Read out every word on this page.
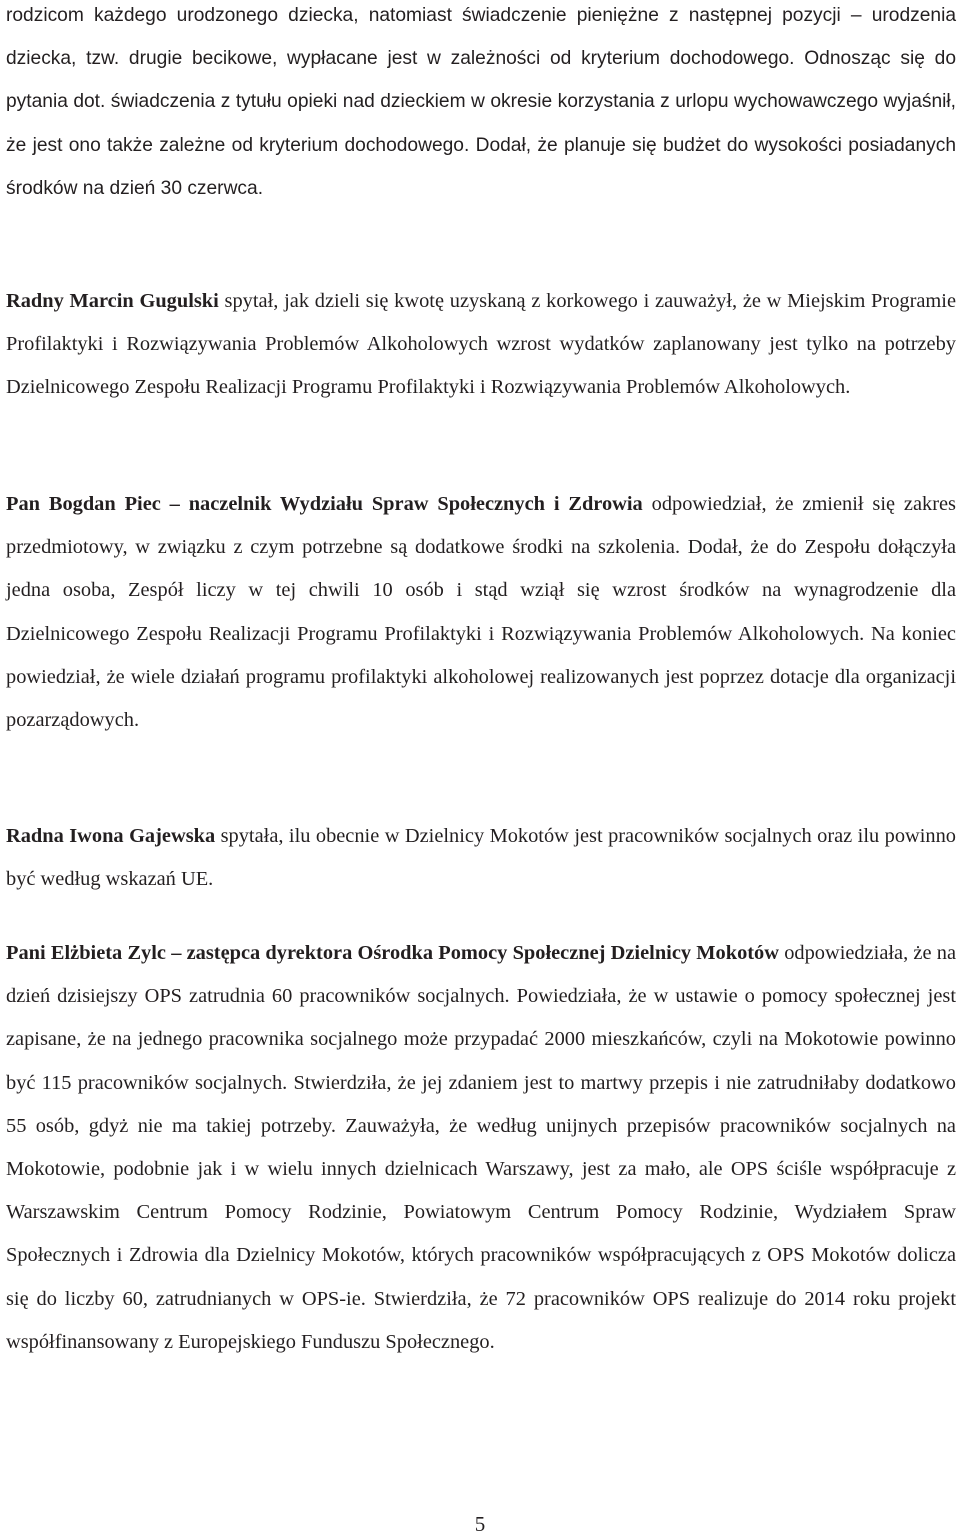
rodzicom każdego urodzonego dziecka, natomiast świadczenie pieniężne z następnej pozycji – urodzenia dziecka, tzw. drugie becikowe, wypłacane jest w zależności od kryterium dochodowego. Odnosząc się do pytania dot. świadczenia z tytułu opieki nad dzieckiem w okresie korzystania z urlopu wychowawczego wyjaśnił, że jest ono także zależne od kryterium dochodowego. Dodał, że planuje się budżet do wysokości posiadanych środków na dzień 30 czerwca.

Radny Marcin Gugulski spytał, jak dzieli się kwotę uzyskaną z korkowego i zauważył, że w Miejskim Programie Profilaktyki i Rozwiązywania Problemów Alkoholowych wzrost wydatków zaplanowany jest tylko na potrzeby Dzielnicowego Zespołu Realizacji Programu Profilaktyki i Rozwiązywania Problemów Alkoholowych.

Pan Bogdan Piec – naczelnik Wydziału Spraw Społecznych i Zdrowia odpowiedział, że zmienił się zakres przedmiotowy, w związku z czym potrzebne są dodatkowe środki na szkolenia. Dodał, że do Zespołu dołączyła jedna osoba, Zespół liczy w tej chwili 10 osób i stąd wziął się wzrost środków na wynagrodzenie dla Dzielnicowego Zespołu Realizacji Programu Profilaktyki i Rozwiązywania Problemów Alkoholowych. Na koniec powiedział, że wiele działań programu profilaktyki alkoholowej realizowanych jest poprzez dotacje dla organizacji pozarządowych.

Radna Iwona Gajewska spytała, ilu obecnie w Dzielnicy Mokotów jest pracowników socjalnych oraz ilu powinno być według wskazań UE.

Pani Elżbieta Zylc – zastępca dyrektora Ośrodka Pomocy Społecznej Dzielnicy Mokotów odpowiedziała, że na dzień dzisiejszy OPS zatrudnia 60 pracowników socjalnych. Powiedziała, że w ustawie o pomocy społecznej jest zapisane, że na jednego pracownika socjalnego może przypadać 2000 mieszkańców, czyli na Mokotowie powinno być 115 pracowników socjalnych. Stwierdziła, że jej zdaniem jest to martwy przepis i nie zatrudniłaby dodatkowo 55 osób, gdyż nie ma takiej potrzeby. Zauważyła, że według unijnych przepisów pracowników socjalnych na Mokotowie, podobnie jak i w wielu innych dzielnicach Warszawy, jest za mało, ale OPS ściśle współpracuje z Warszawskim Centrum Pomocy Rodzinie, Powiatowym Centrum Pomocy Rodzinie, Wydziałem Spraw Społecznych i Zdrowia dla Dzielnicy Mokotów, których pracowników współpracujących z OPS Mokotów dolicza się do liczby 60, zatrudnianych w OPS-ie. Stwierdziła, że 72 pracowników OPS realizuje do 2014 roku projekt współfinansowany z Europejskiego Funduszu Społecznego.

5
